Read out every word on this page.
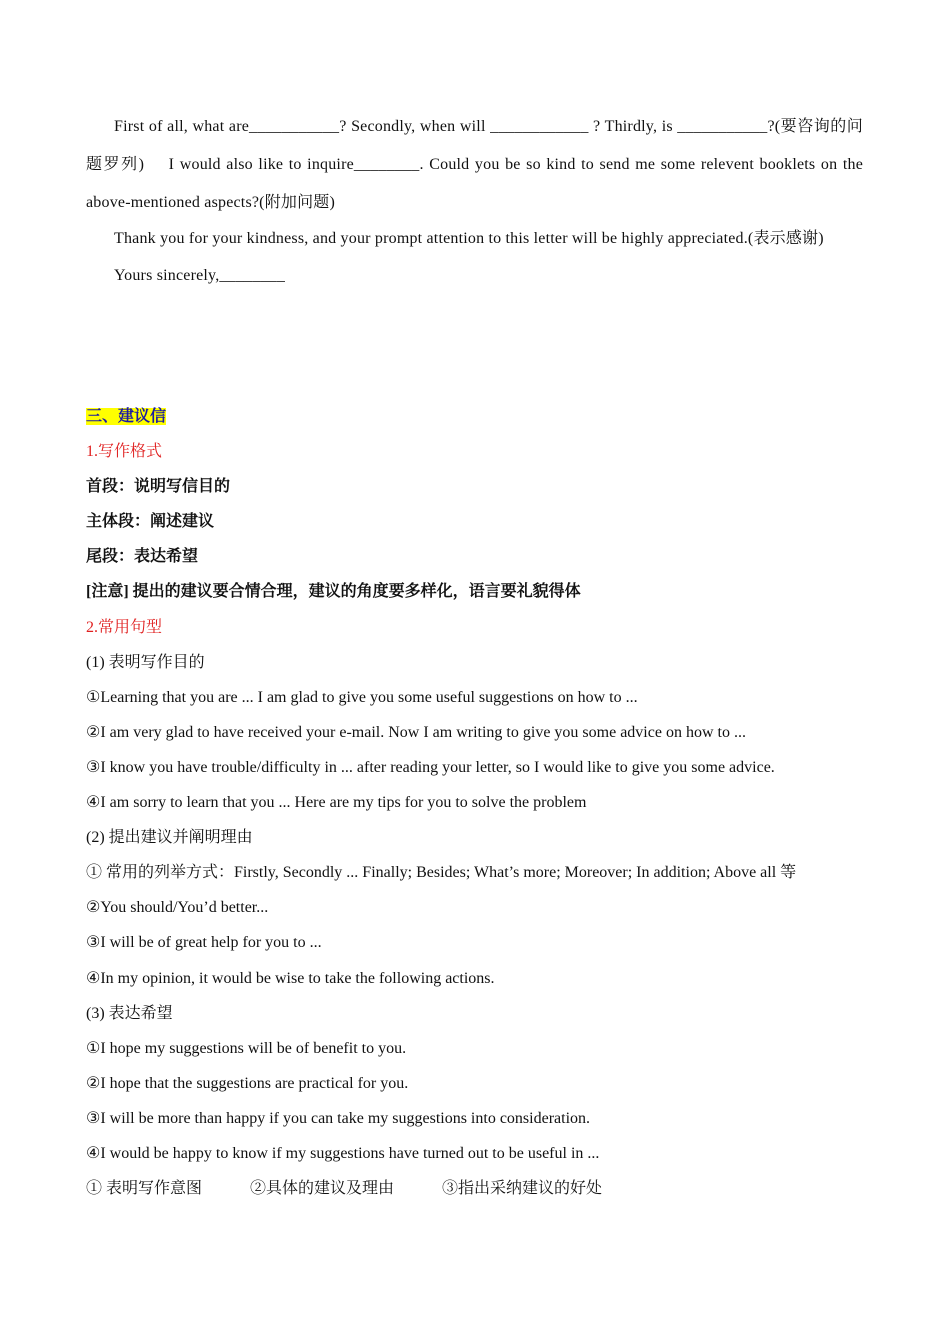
First of all, what are___________? Secondly, when will ____________ ? Thirdly, is ___________?(要咨询的问题罗列)　 I would also like to inquire________. Could you be so kind to send me some relevent booklets on the above-mentioned aspects?(附加问题)

Thank you for your kindness, and your prompt attention to this letter will be highly appreciated.(表示感谢)

Yours sincerely,________

三、建议信
1.写作格式
首段：说明写信目的
主体段：阐述建议
尾段：表达希望
[注意] 提出的建议要合情合理，建议的角度要多样化，语言要礼貌得体
2.常用句型
(1) 表明写作目的
①Learning that you are ... I am glad to give you some useful suggestions on how to ...
②I am very glad to have received your e-mail. Now I am writing to give you some advice on how to ...
③I know you have trouble/difficulty in ... after reading your letter, so I would like to give you some advice.
④I am sorry to learn that you ... Here are my tips for you to solve the problem
(2) 提出建议并阐明理由
① 常用的列举方式：Firstly, Secondly ... Finally; Besides; What’s more; Moreover; In addition; Above all 等
②You should/You’d better...
③I will be of great help for you to ...
④In my opinion, it would be wise to take the following actions.
(3) 表达希望
①I hope my suggestions will be of benefit to you.
②I hope that the suggestions are practical for you.
③I will be more than happy if you can take my suggestions into consideration.
④I would be happy to know if my suggestions have turned out to be useful in ...
① 表明写作意图	②具体的建议及理由	③指出采纳建议的好处
